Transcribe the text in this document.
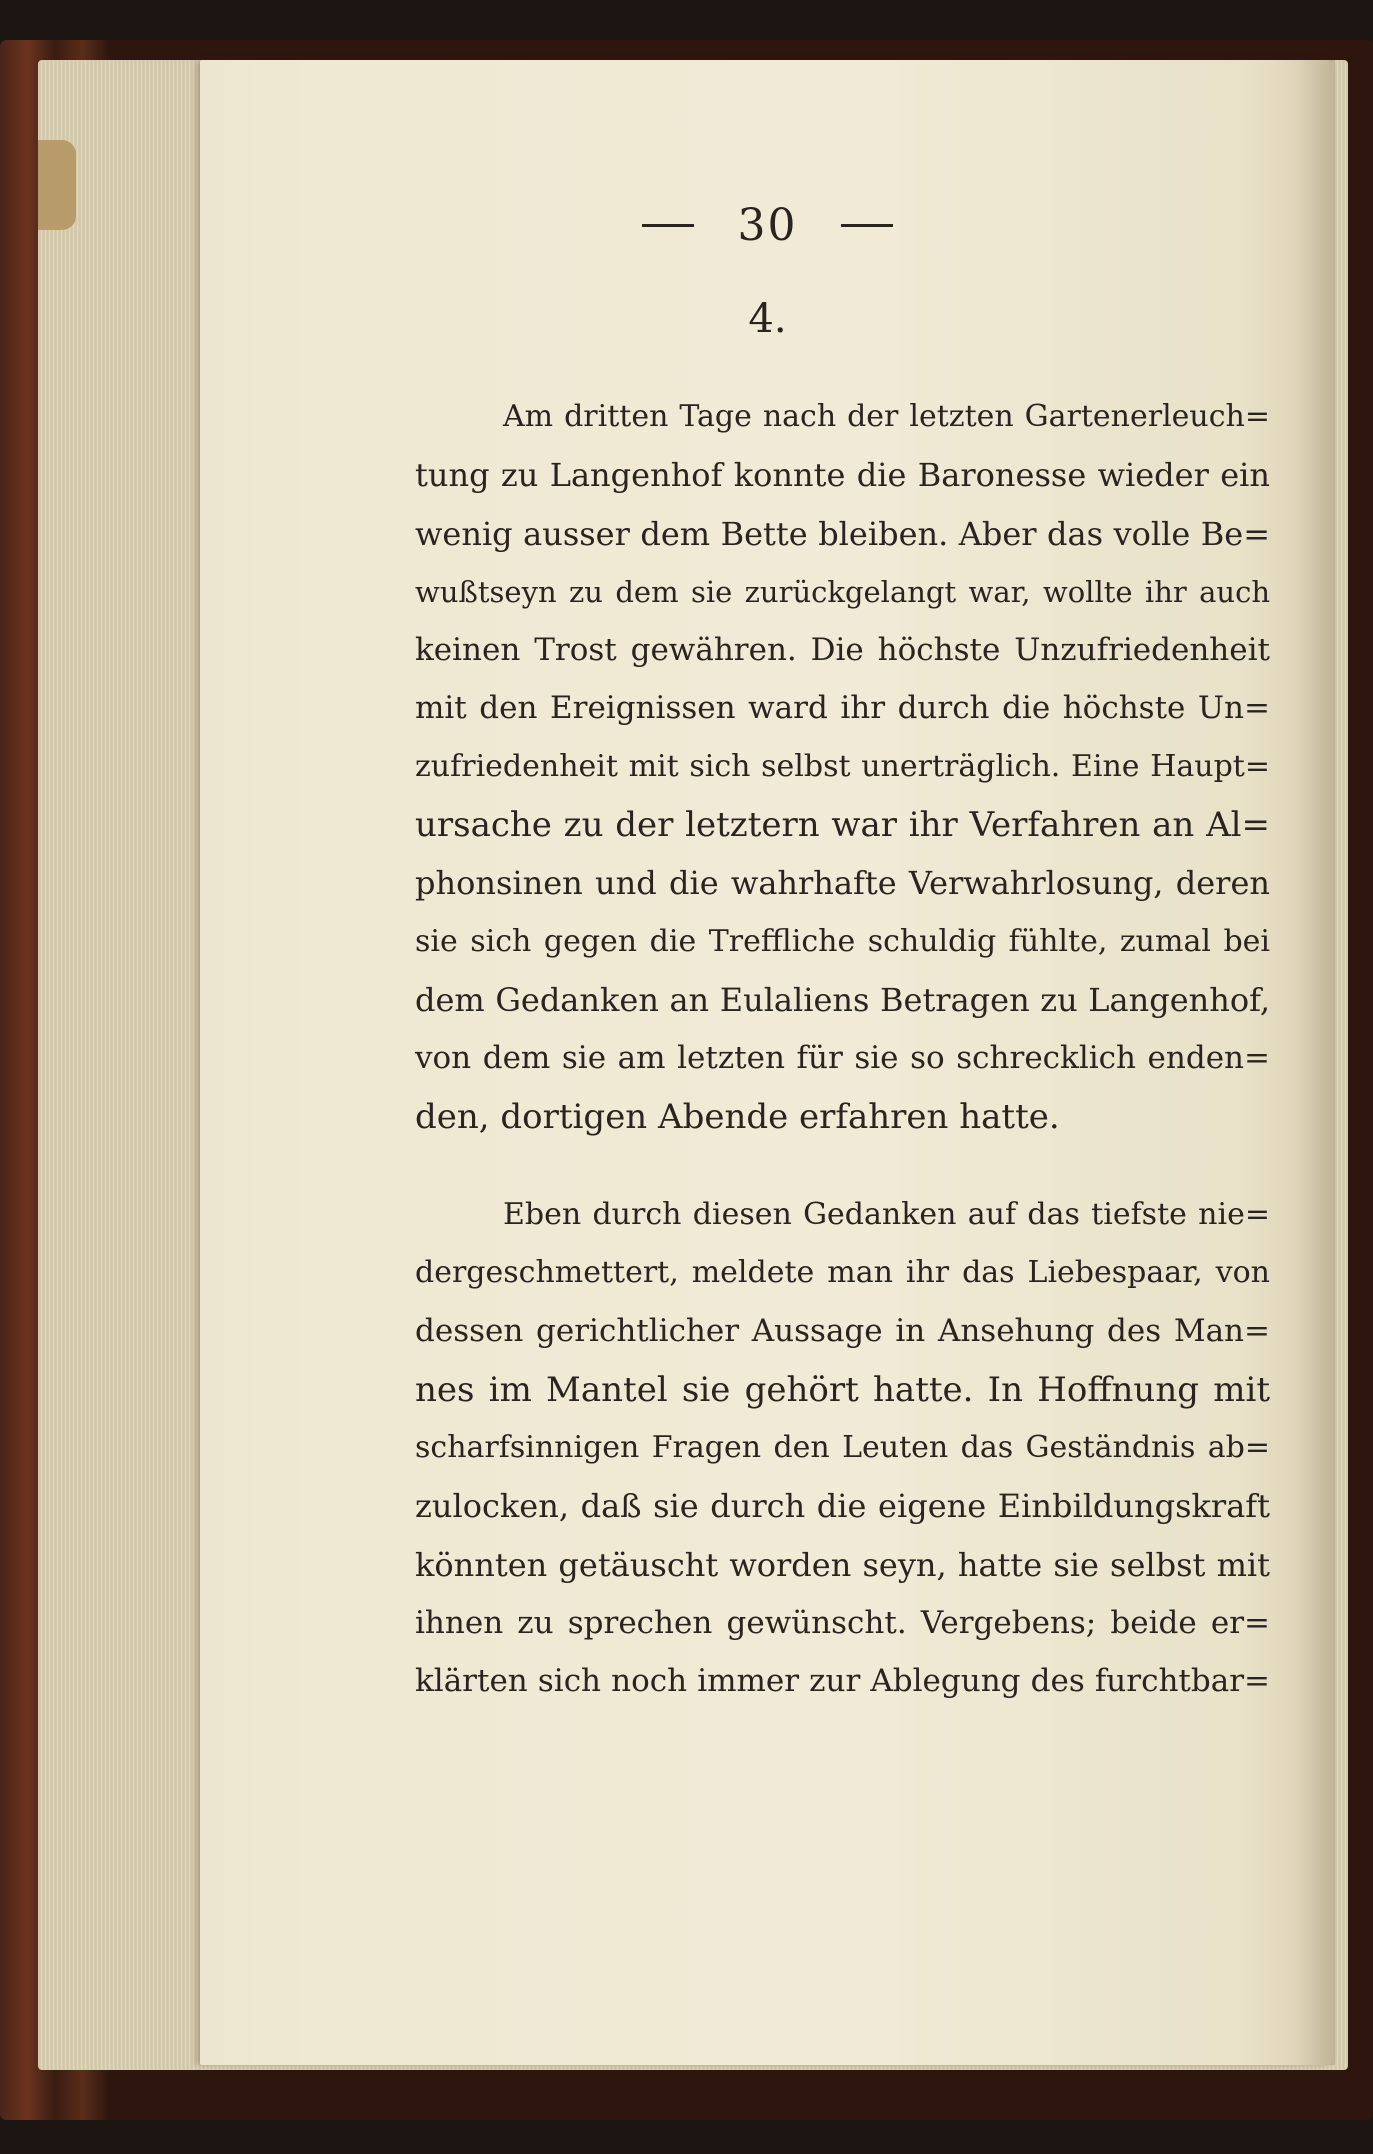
30
4.
Am dritten Tage nach der letzten Gartenerleuch=
tung zu Langenhof konnte die Baronesse wieder ein
wenig ausser dem Bette bleiben. Aber das volle Be=
wußtseyn zu dem sie zurückgelangt war, wollte ihr auch
keinen Trost gewähren. Die höchste Unzufriedenheit
mit den Ereignissen ward ihr durch die höchste Un=
zufriedenheit mit sich selbst unerträglich. Eine Haupt=
ursache zu der letztern war ihr Verfahren an Al=
phonsinen und die wahrhafte Verwahrlosung, deren
sie sich gegen die Treffliche schuldig fühlte, zumal bei
dem Gedanken an Eulaliens Betragen zu Langenhof,
von dem sie am letzten für sie so schrecklich enden=
den, dortigen Abende erfahren hatte.
Eben durch diesen Gedanken auf das tiefste nie=
dergeschmettert, meldete man ihr das Liebespaar, von
dessen gerichtlicher Aussage in Ansehung des Man=
nes im Mantel sie gehört hatte. In Hoffnung mit
scharfsinnigen Fragen den Leuten das Geständnis ab=
zulocken, daß sie durch die eigene Einbildungskraft
könnten getäuscht worden seyn, hatte sie selbst mit
ihnen zu sprechen gewünscht. Vergebens; beide er=
klärten sich noch immer zur Ablegung des furchtbar=
